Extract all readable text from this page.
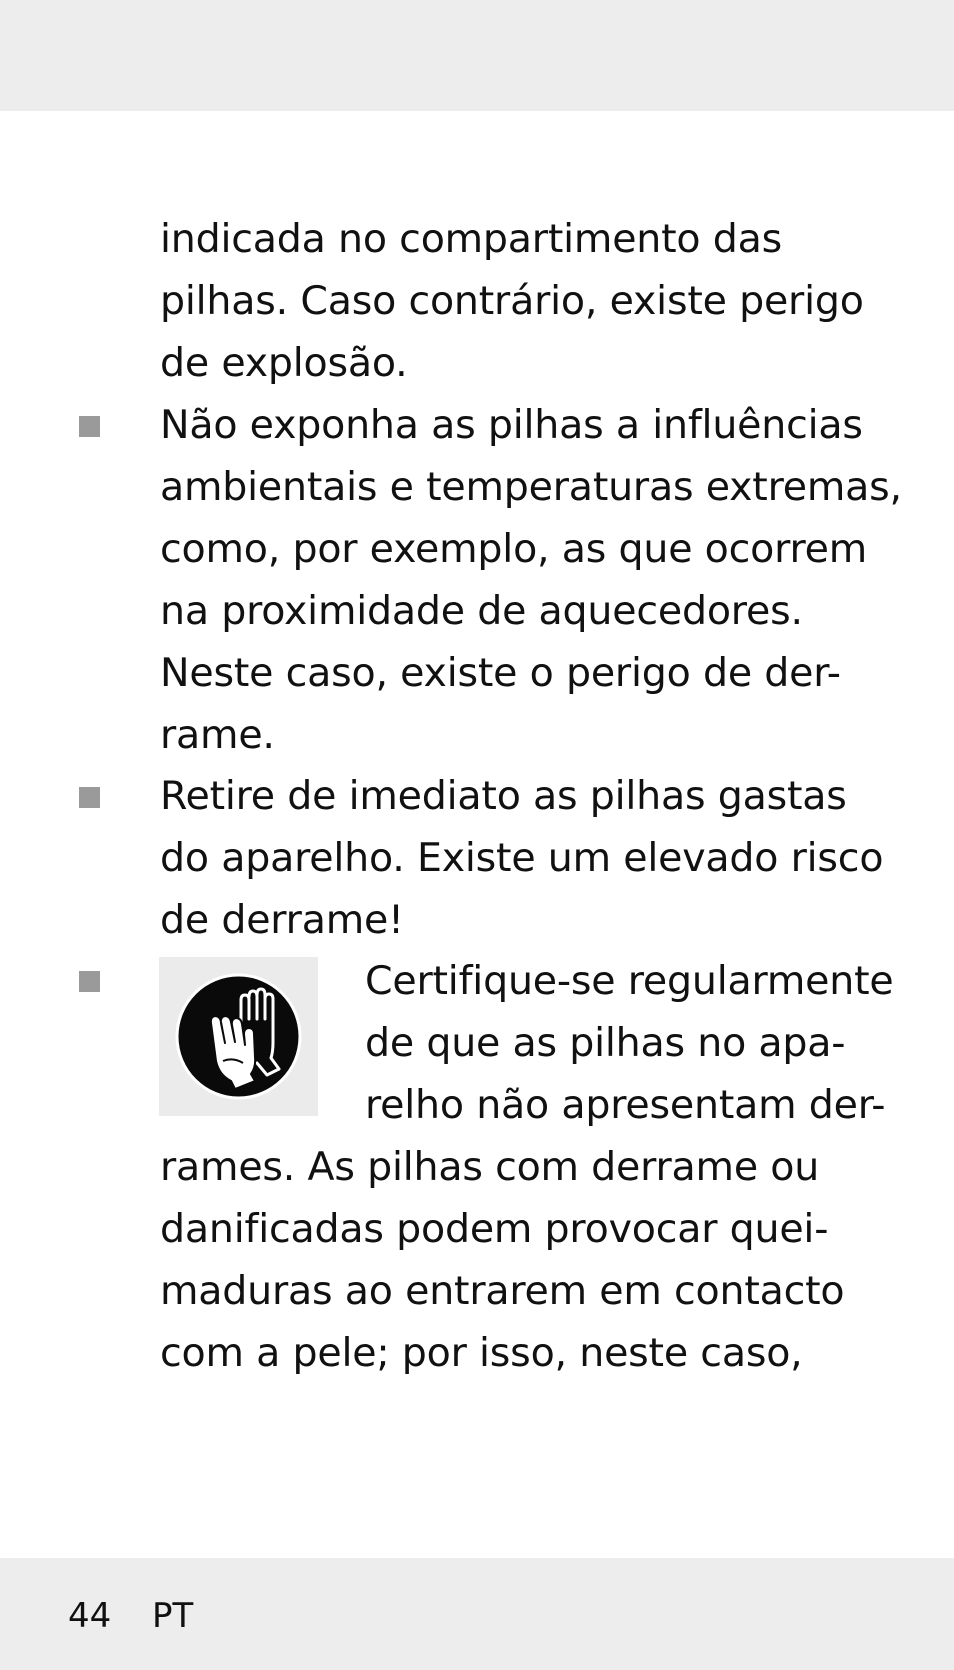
indicada no compartimento das
pilhas. Caso contrário, existe perigo
de explosão.
Não exponha as pilhas a influências
ambientais e temperaturas extremas,
como, por exemplo, as que ocorrem
na proximidade de aquecedores.
Neste caso, existe o perigo de der-
rame.
Retire de imediato as pilhas gastas
do aparelho. Existe um elevado risco
de derrame!
Certifique-se regularmente
de que as pilhas no apa-
relho não apresentam der-
rames. As pilhas com derrame ou
danificadas podem provocar quei-
maduras ao entrarem em contacto
com a pele; por isso, neste caso,
44 PT
